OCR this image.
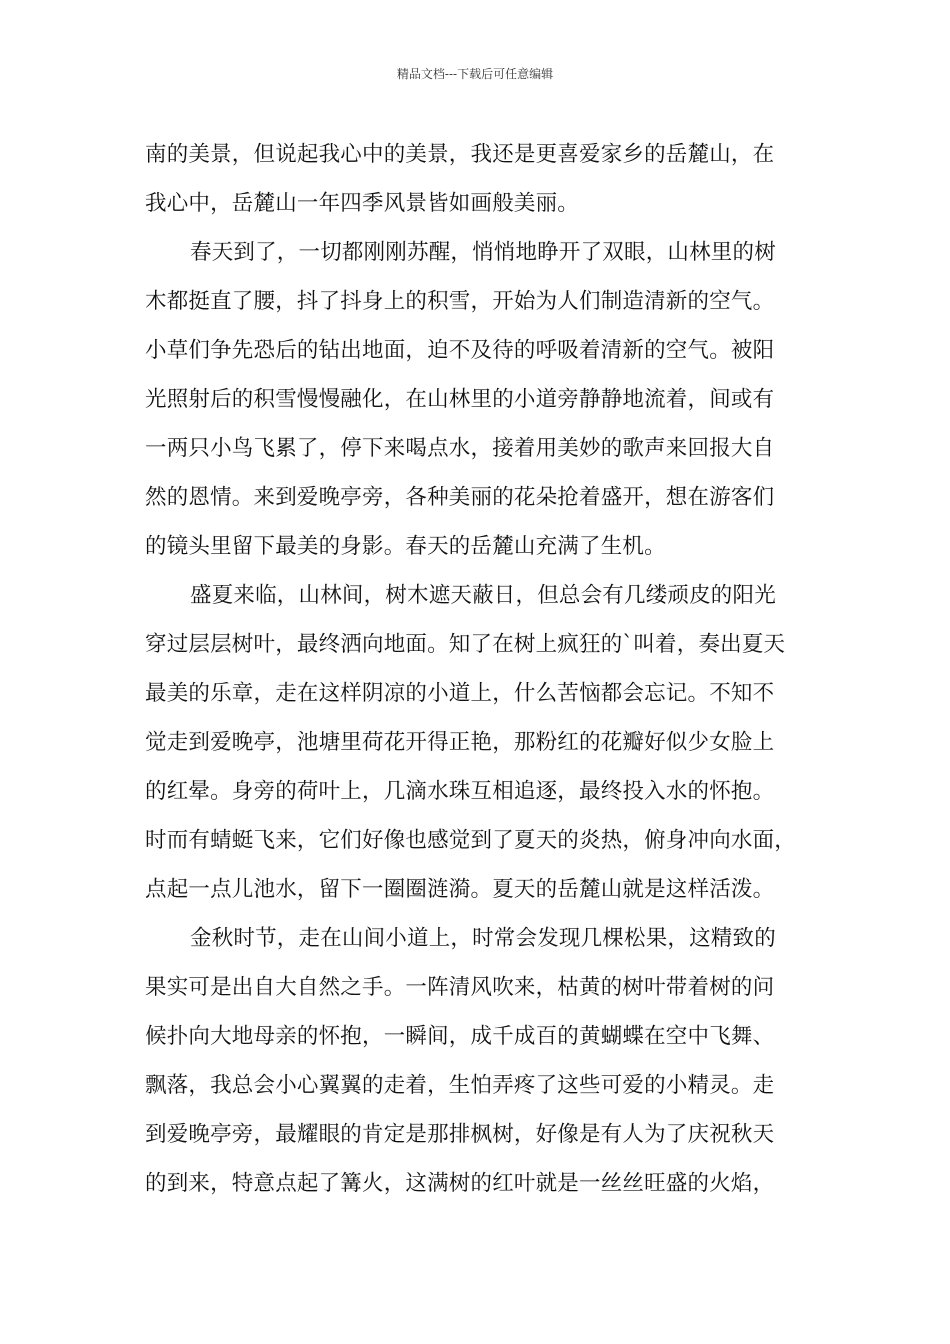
精品文档---下载后可任意编辑
南的美景，但说起我心中的美景，我还是更喜爱家乡的岳麓山，在
我心中，岳麓山一年四季风景皆如画般美丽。
春天到了，一切都刚刚苏醒，悄悄地睁开了双眼，山林里的树
木都挺直了腰，抖了抖身上的积雪，开始为人们制造清新的空气。
小草们争先恐后的钻出地面，迫不及待的呼吸着清新的空气。被阳
光照射后的积雪慢慢融化，在山林里的小道旁静静地流着，间或有
一两只小鸟飞累了，停下来喝点水，接着用美妙的歌声来回报大自
然的恩情。来到爱晚亭旁，各种美丽的花朵抢着盛开，想在游客们
的镜头里留下最美的身影。春天的岳麓山充满了生机。
盛夏来临，山林间，树木遮天蔽日，但总会有几缕顽皮的阳光
穿过层层树叶，最终洒向地面。知了在树上疯狂的`叫着，奏出夏天
最美的乐章，走在这样阴凉的小道上，什么苦恼都会忘记。不知不
觉走到爱晚亭，池塘里荷花开得正艳，那粉红的花瓣好似少女脸上
的红晕。身旁的荷叶上，几滴水珠互相追逐，最终投入水的怀抱。
时而有蜻蜓飞来，它们好像也感觉到了夏天的炎热，俯身冲向水面，
点起一点儿池水，留下一圈圈涟漪。夏天的岳麓山就是这样活泼。
金秋时节，走在山间小道上，时常会发现几棵松果，这精致的
果实可是出自大自然之手。一阵清风吹来，枯黄的树叶带着树的问
候扑向大地母亲的怀抱，一瞬间，成千成百的黄蝴蝶在空中飞舞、
飘落，我总会小心翼翼的走着，生怕弄疼了这些可爱的小精灵。走
到爱晚亭旁，最耀眼的肯定是那排枫树，好像是有人为了庆祝秋天
的到来，特意点起了篝火，这满树的红叶就是一丝丝旺盛的火焰，
